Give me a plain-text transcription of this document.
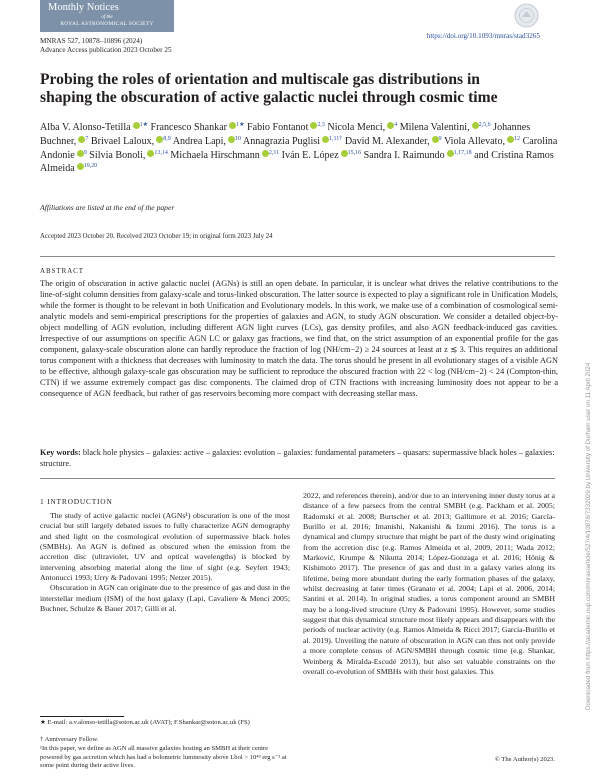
Monthly Notices
of the
ROYAL ASTRONOMICAL SOCIETY
MNRAS 527, 10878–10896 (2024)
Advance Access publication 2023 October 25
https://doi.org/10.1093/mnras/stad3265
Probing the roles of orientation and multiscale gas distributions in shaping the obscuration of active galactic nuclei through cosmic time
Alba V. Alonso-Tetilla $^{1★}$ Francesco Shankar $^{1★}$ Fabio Fontanot $^{2,3}$ Nicola Menci, $^4$ Milena Valentini, $^{2,5,6}$ Johannes Buchner, $^7$ Brivael Laloux, $^{8,9}$ Andrea Lapi, $^{10}$ Annagrazia Puglisi $^{1,11\dagger}$ David M. Alexander, $^9$ Viola Allevato, $^{12}$ Carolina Andonie $^9$ Silvia Bonoli, $^{13,14}$ Michaela Hirschmann $^{2,11}$ Iván E. López $^{15,16}$ Sandra I. Raimundo $^{1,17,18}$ and Cristina Ramos Almeida $^{19,20}$
Affiliations are listed at the end of the paper
Accepted 2023 October 20. Received 2023 October 19; in original form 2023 July 24
ABSTRACT
The origin of obscuration in active galactic nuclei (AGNs) is still an open debate. In particular, it is unclear what drives the relative contributions to the line-of-sight column densities from galaxy-scale and torus-linked obscuration. The latter source is expected to play a significant role in Unification Models, while the former is thought to be relevant in both Unification and Evolutionary models. In this work, we make use of a combination of cosmological semi-analytic models and semi-empirical prescriptions for the properties of galaxies and AGN, to study AGN obscuration. We consider a detailed object-by-object modelling of AGN evolution, including different AGN light curves (LCs), gas density profiles, and also AGN feedback-induced gas cavities. Irrespective of our assumptions on specific AGN LC or galaxy gas fractions, we find that, on the strict assumption of an exponential profile for the gas component, galaxy-scale obscuration alone can hardly reproduce the fraction of log (NH/cm−2) ≥ 24 sources at least at z ≲ 3. This requires an additional torus component with a thickness that decreases with luminosity to match the data. The torus should be present in all evolutionary stages of a visible AGN to be effective, although galaxy-scale gas obscuration may be sufficient to reproduce the obscured fraction with 22 < log (NH/cm−2) < 24 (Compton-thin, CTN) if we assume extremely compact gas disc components. The claimed drop of CTN fractions with increasing luminosity does not appear to be a consequence of AGN feedback, but rather of gas reservoirs becoming more compact with decreasing stellar mass.
Key words: black hole physics – galaxies: active – galaxies: evolution – galaxies: fundamental parameters – quasars: supermassive black holes – galaxies: structure.
1 INTRODUCTION

The study of active galactic nuclei (AGNs¹) obscuration is one of the most crucial but still largely debated issues to fully characterize AGN demography and shed light on the cosmological evolution of supermassive black holes (SMBHs). An AGN is defined as obscured when the emission from the accretion disc (ultraviolet, UV and optical wavelengths) is blocked by intervening absorbing material along the line of sight (e.g. Seyfert 1943; Antonucci 1993; Urry & Padovani 1995; Netzer 2015).

Obscuration in AGN can originate due to the presence of gas and dust in the interstellar medium (ISM) of the host galaxy (Lapi, Cavaliere & Menci 2005; Buchner, Schulze & Bauer 2017; Gilli et al.

2022, and references therein), and/or due to an intervening inner dusty torus at a distance of a few parsecs from the central SMBH (e.g. Packham et al. 2005; Radomski et al. 2008; Burtscher et al. 2013; Gallimore et al. 2016; García-Burillo et al. 2016; Imanishi, Nakanishi & Izumi 2016). The torus is a dynamical and clumpy structure that might be part of the dusty wind originating from the accretion disc (e.g. Ramos Almeida et al. 2009, 2011; Wada 2012; Marković, Krumpe & Nikutta 2014; López-Gonzaga et al. 2016; Hönig & Kishimoto 2017). The presence of gas and dust in a galaxy varies along its lifetime, being more abundant during the early formation phases of the galaxy, whilst decreasing at later times (Granato et al. 2004; Lapi et al. 2006, 2014; Santini et al. 2014). In original studies, a torus component around an SMBH may be a long-lived structure (Urry & Padovani 1995). However, some studies suggest that this dynamical structure most likely appears and disappears with the periods of nuclear activity (e.g. Ramos Almeida & Ricci 2017; García-Burillo et al. 2019). Unveiling the nature of obscuration in AGN can thus not only provide a more complete census of AGN/SMBH through cosmic time (e.g. Shankar, Weinberg & Miralda-Escudé 2013), but also set valuable constraints on the overall co-evolution of SMBHs with their host galaxies. This

★ E-mail: a.v.alonso-tetilla@soton.ac.uk (AVAT); F.Shankar@soton.ac.uk (FS)
† Anniversary Fellow.
¹In this paper, we define as AGN all massive galaxies hosting an SMBH at their centre powered by gas accretion which has had a bolometric luminosity above Lbol > 10⁴³ erg s⁻¹ at some point during their active lives.
© The Author(s) 2023.
Downloaded from https://academic.oup.com/mnras/article/527/4/10878/7332029 by University of Durham user on 11 April 2024
